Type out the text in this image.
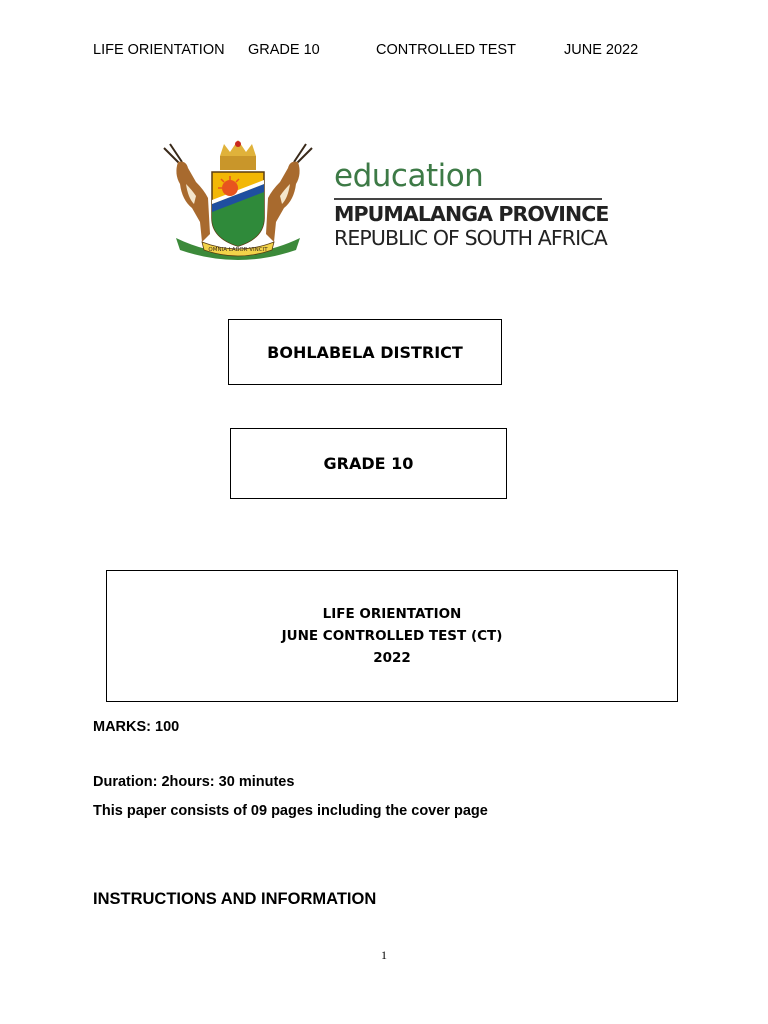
LIFE ORIENTATION GRADE 10	CONTROLLED TEST	JUNE 2022
OMNIA LABOR VINCIT
education
MPUMALANGA PROVINCE
REPUBLIC OF SOUTH AFRICA
BOHLABELA DISTRICT
GRADE 10
LIFE ORIENTATION
JUNE CONTROLLED TEST (CT)
2022
MARKS: 100
Duration: 2hours: 30 minutes
This paper consists of 09 pages including the cover page
INSTRUCTIONS AND INFORMATION
1
